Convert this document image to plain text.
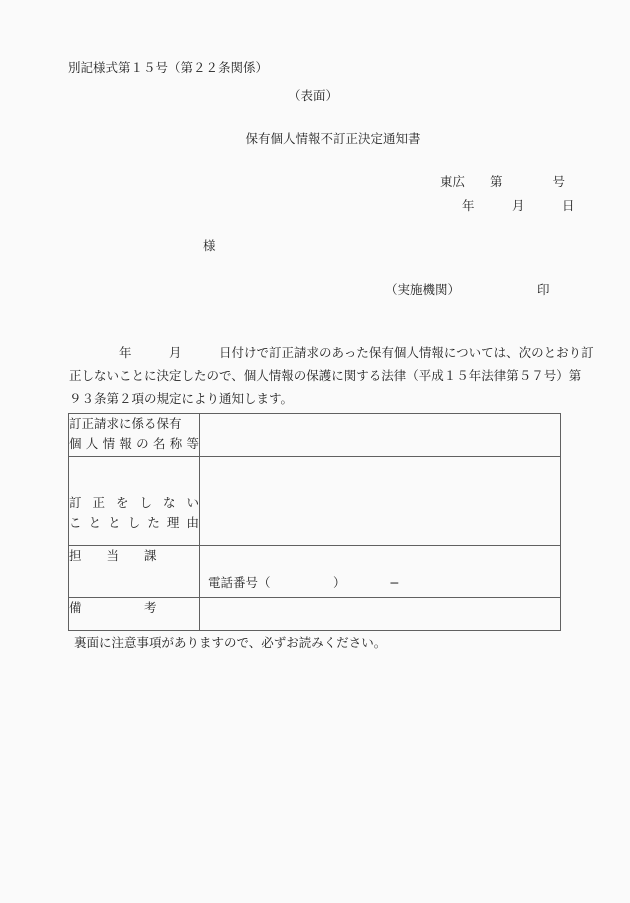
別記様式第１５号（第２２条関係）
（表面）
保有個人情報不訂正決定通知書
東広　　第　　　　号
年　　　月　　　日
様
（実施機関）	印

　　　　年　　　月　　　日付けで訂正請求のあった保有個人情報については、次のとおり訂

正しないことに決定したので、個人情報の保護に関する法律（平成１５年法律第５７号）第

９３条第２項の規定により通知します。

訂正請求に係る保有
個人情報の名称等	

訂正をしない
こととした理由	

担　　当　　課	電話番号（　　　　　）　　　　−

備　　　　　考	

裏面に注意事項がありますので、必ずお読みください。
